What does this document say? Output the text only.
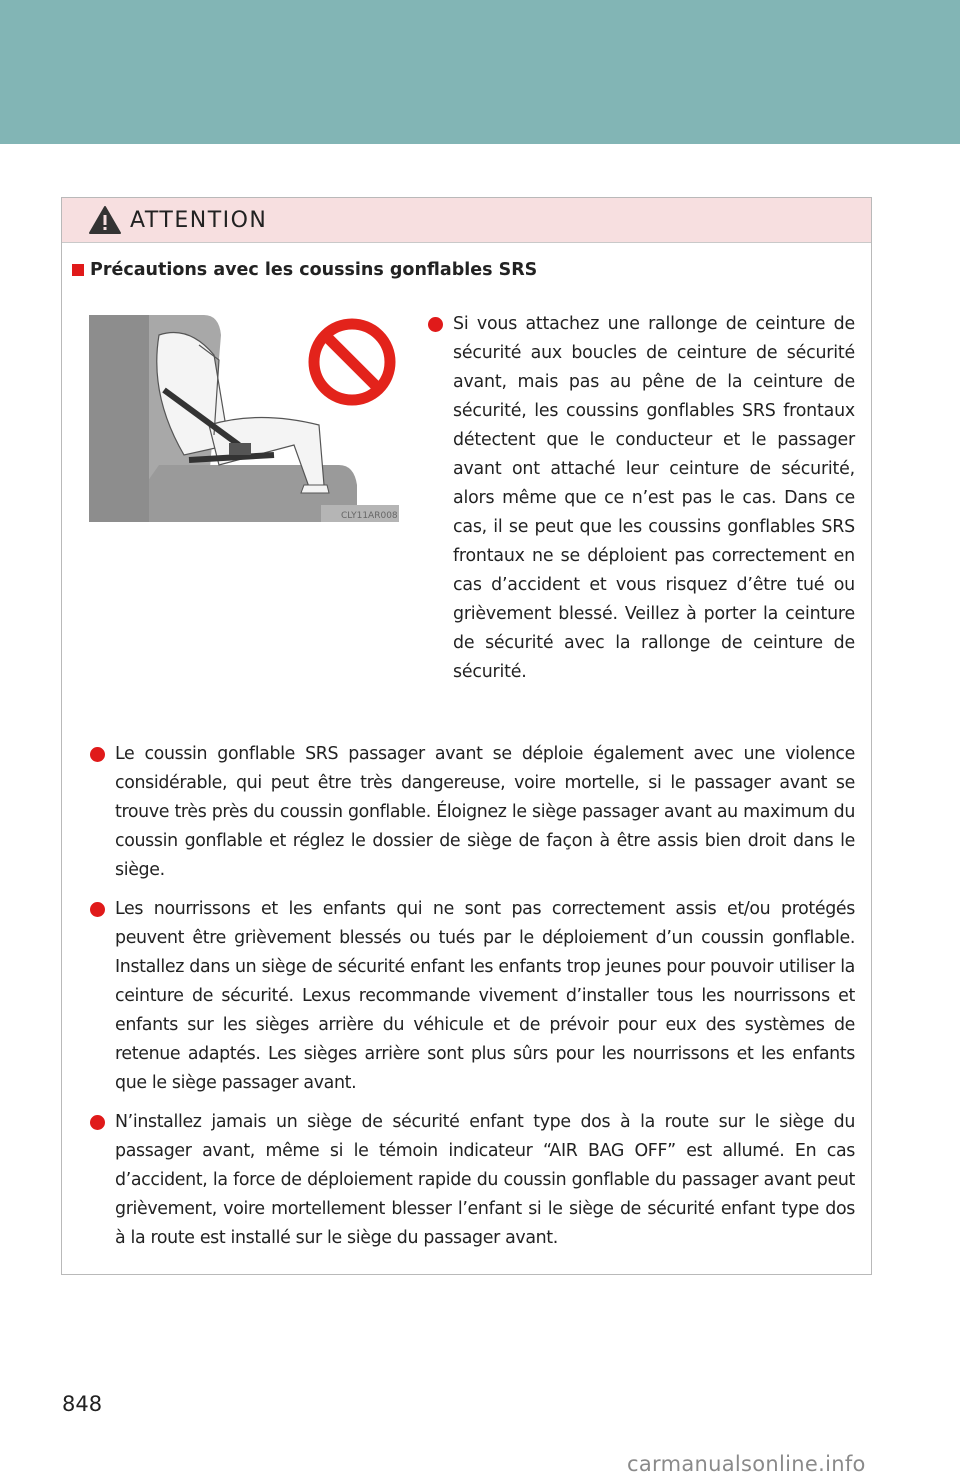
ATTENTION
Précautions avec les coussins gonflables SRS
CLY11AR008
Si vous attachez une rallonge de ceinture de sécurité aux boucles de ceinture de sécurité avant, mais pas au pêne de la ceinture de sécurité, les coussins gonflables SRS frontaux détectent que le conducteur et le passager avant ont attaché leur ceinture de sécurité, alors même que ce n’est pas le cas. Dans ce cas, il se peut que les coussins gonflables SRS frontaux ne se déploient pas correctement en cas d’accident et vous risquez d’être tué ou grièvement blessé. Veillez à porter la ceinture de sécurité avec la rallonge de ceinture de sécurité.
Le coussin gonflable SRS passager avant se déploie également avec une violence considérable, qui peut être très dangereuse, voire mortelle, si le passager avant se trouve très près du coussin gonflable. Éloignez le siège passager avant au maximum du coussin gonflable et réglez le dossier de siège de façon à être assis bien droit dans le siège.
Les nourrissons et les enfants qui ne sont pas correctement assis et/ou protégés peuvent être grièvement blessés ou tués par le déploiement d’un coussin gonflable. Installez dans un siège de sécurité enfant les enfants trop jeunes pour pouvoir utiliser la ceinture de sécurité. Lexus recommande vivement d’installer tous les nourrissons et enfants sur les sièges arrière du véhicule et de prévoir pour eux des systèmes de retenue adaptés. Les sièges arrière sont plus sûrs pour les nourrissons et les enfants que le siège passager avant.
N’installez jamais un siège de sécurité enfant type dos à la route sur le siège du passager avant, même si le témoin indicateur “AIR BAG OFF” est allumé. En cas d’accident, la force de déploiement rapide du coussin gonflable du passager avant peut grièvement, voire mortellement blesser l’enfant si le siège de sécurité enfant type dos à la route est installé sur le siège du passager avant.
848
carmanualsonline.info
